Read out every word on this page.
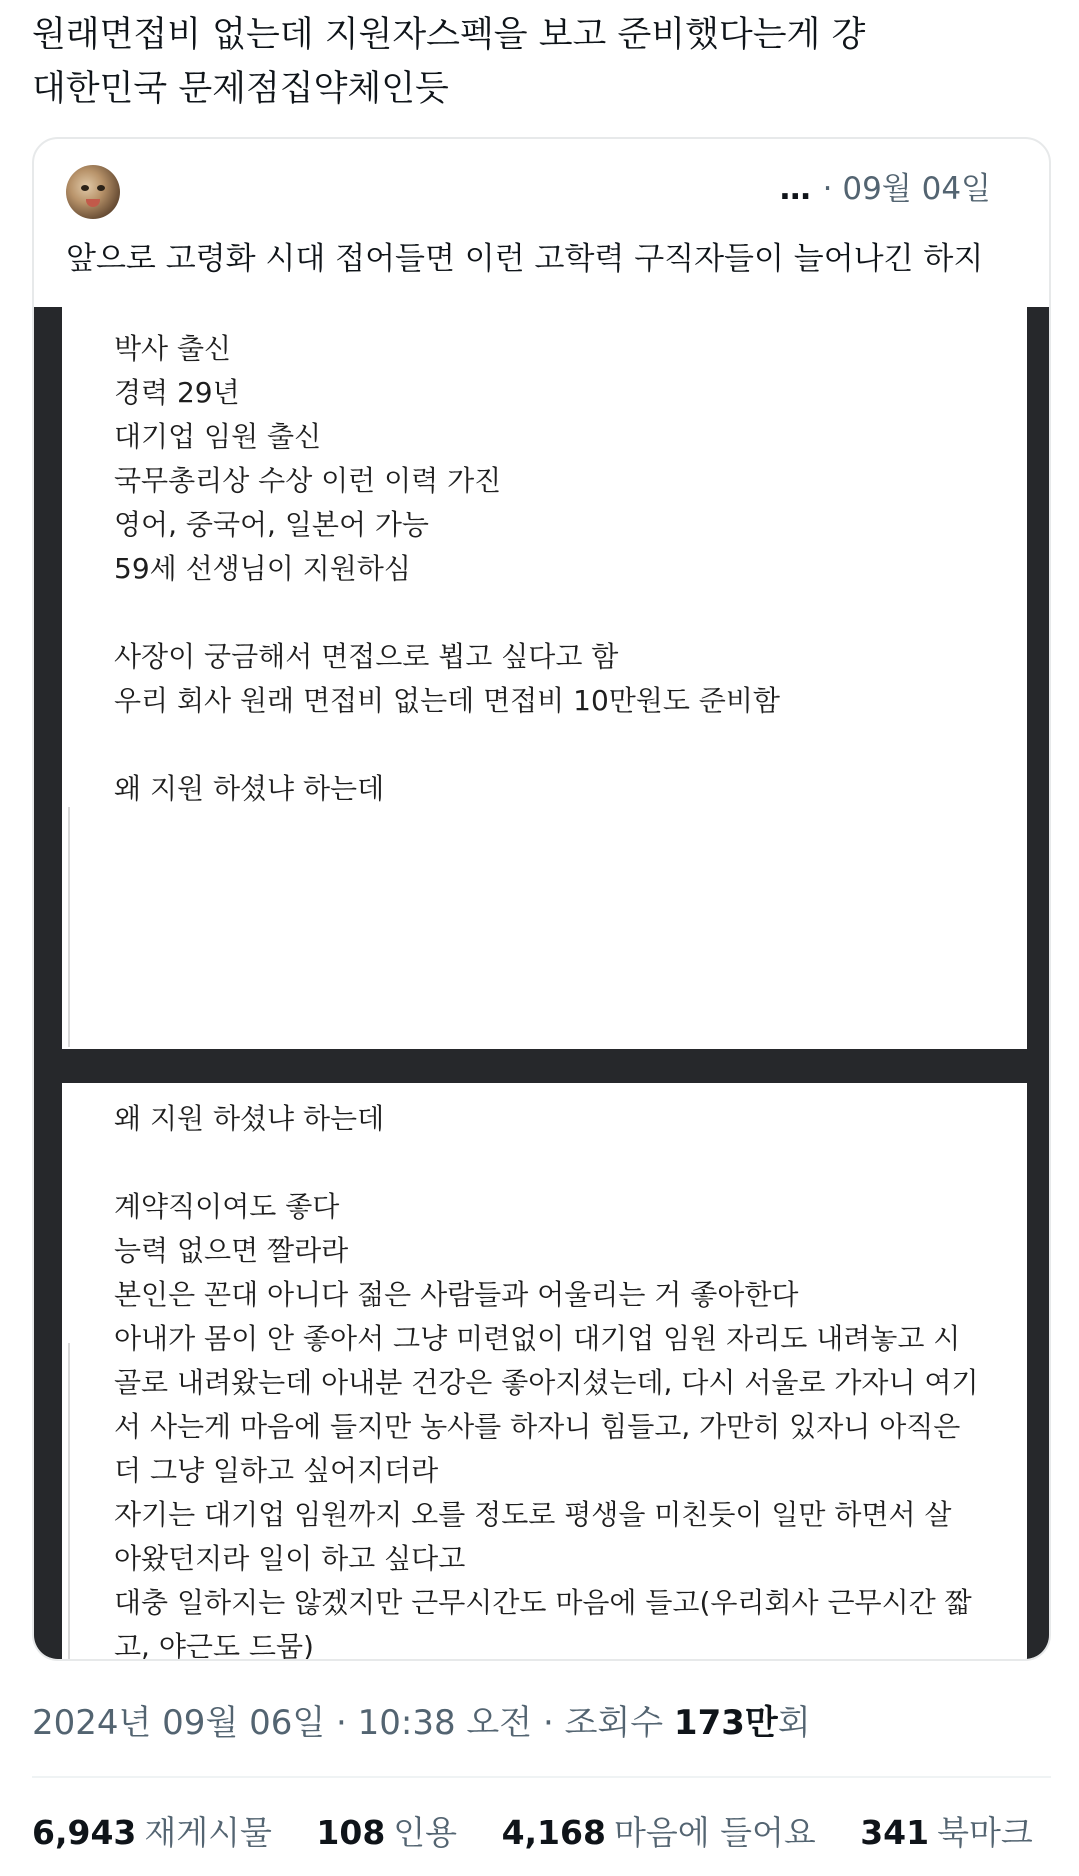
원래면접비 없는데 지원자스펙을 보고 준비했다는게 걍
대한민국 문제점집약체인듯
… · 09월 04일
앞으로 고령화 시대 접어들면 이런 고학력 구직자들이 늘어나긴 하지
박사 출신
경력 29년
대기업 임원 출신
국무총리상 수상 이런 이력 가진
영어, 중국어, 일본어 가능
59세 선생님이 지원하심
사장이 궁금해서 면접으로 뵙고 싶다고 함
우리 회사 원래 면접비 없는데 면접비 10만원도 준비함
왜 지원 하셨냐 하는데
왜 지원 하셨냐 하는데
계약직이여도 좋다
능력 없으면 짤라라
본인은 꼰대 아니다 젊은 사람들과 어울리는 거 좋아한다
아내가 몸이 안 좋아서 그냥 미련없이 대기업 임원 자리도 내려놓고 시
골로 내려왔는데 아내분 건강은 좋아지셨는데, 다시 서울로 가자니 여기
서 사는게 마음에 들지만 농사를 하자니 힘들고, 가만히 있자니 아직은
더 그냥 일하고 싶어지더라
자기는 대기업 임원까지 오를 정도로 평생을 미친듯이 일만 하면서 살
아왔던지라 일이 하고 싶다고
대충 일하지는 않겠지만 근무시간도 마음에 들고(우리회사 근무시간 짧
고, 야근도 드뭄)
2024년 09월 06일 · 10:38 오전 · 조회수 173만회
6,943 재게시물 108 인용 4,168 마음에 들어요 341 북마크
